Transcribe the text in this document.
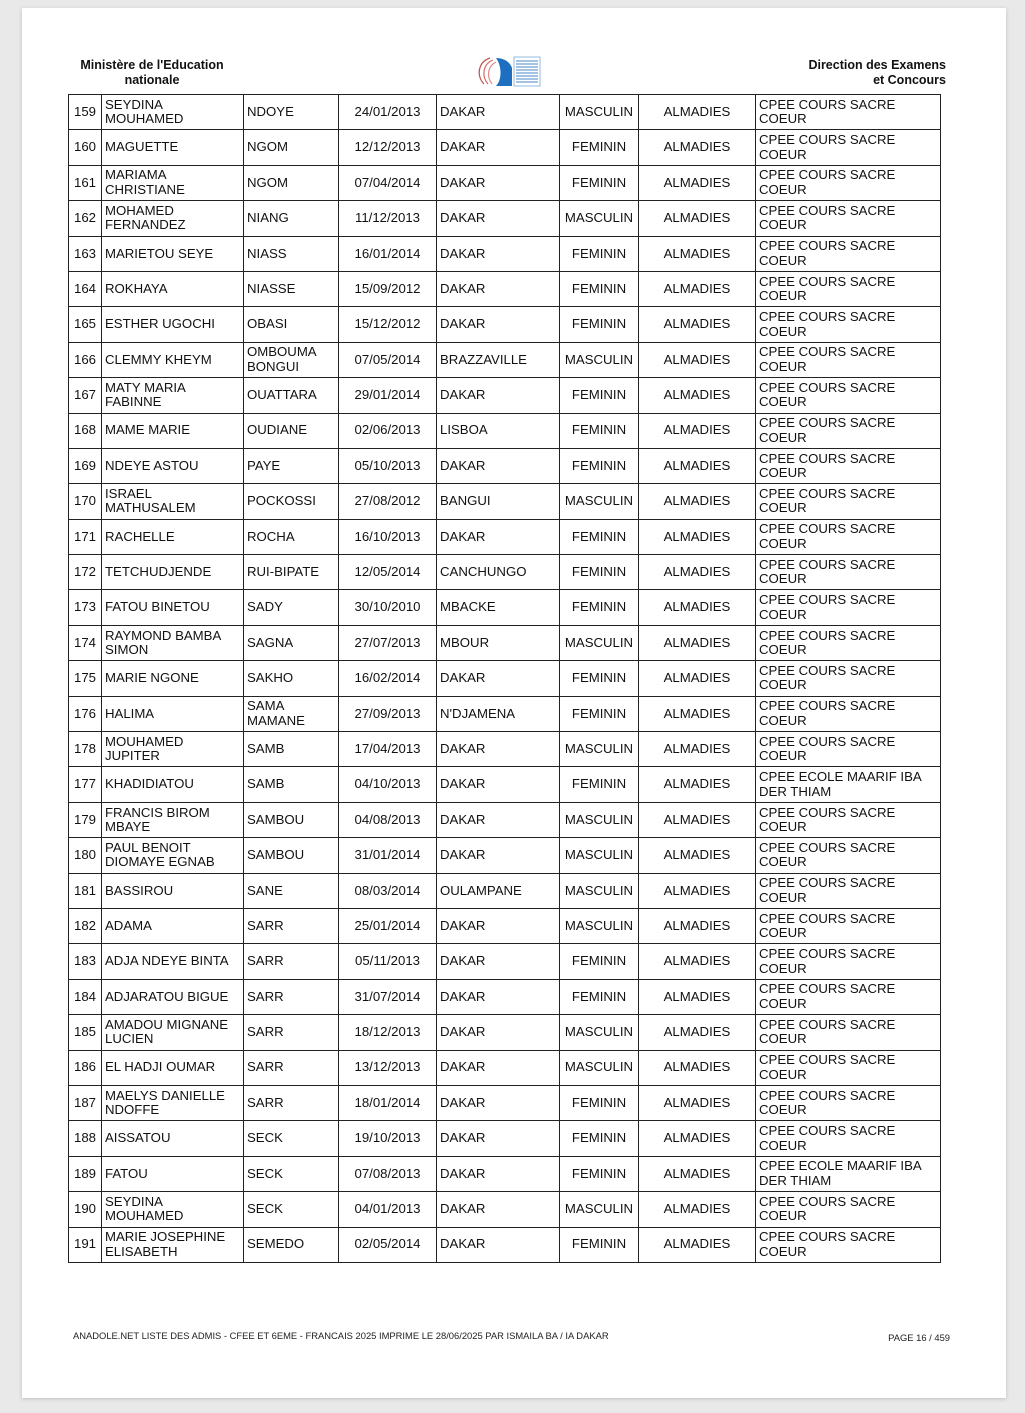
Ministère de l'Education
nationale
Direction des Examens
et Concours
159	SEYDINA MOUHAMED	NDOYE	24/01/2013	DAKAR	MASCULIN	ALMADIES	CPEE COURS SACRE COEUR
160	MAGUETTE	NGOM	12/12/2013	DAKAR	FEMININ	ALMADIES	CPEE COURS SACRE COEUR
161	MARIAMA CHRISTIANE	NGOM	07/04/2014	DAKAR	FEMININ	ALMADIES	CPEE COURS SACRE COEUR
162	MOHAMED FERNANDEZ	NIANG	11/12/2013	DAKAR	MASCULIN	ALMADIES	CPEE COURS SACRE COEUR
163	MARIETOU SEYE	NIASS	16/01/2014	DAKAR	FEMININ	ALMADIES	CPEE COURS SACRE COEUR
164	ROKHAYA	NIASSE	15/09/2012	DAKAR	FEMININ	ALMADIES	CPEE COURS SACRE COEUR
165	ESTHER UGOCHI	OBASI	15/12/2012	DAKAR	FEMININ	ALMADIES	CPEE COURS SACRE COEUR
166	CLEMMY KHEYM	OMBOUMA BONGUI	07/05/2014	BRAZZAVILLE	MASCULIN	ALMADIES	CPEE COURS SACRE COEUR
167	MATY MARIA FABINNE	OUATTARA	29/01/2014	DAKAR	FEMININ	ALMADIES	CPEE COURS SACRE COEUR
168	MAME MARIE	OUDIANE	02/06/2013	LISBOA	FEMININ	ALMADIES	CPEE COURS SACRE COEUR
169	NDEYE ASTOU	PAYE	05/10/2013	DAKAR	FEMININ	ALMADIES	CPEE COURS SACRE COEUR
170	ISRAEL MATHUSALEM	POCKOSSI	27/08/2012	BANGUI	MASCULIN	ALMADIES	CPEE COURS SACRE COEUR
171	RACHELLE	ROCHA	16/10/2013	DAKAR	FEMININ	ALMADIES	CPEE COURS SACRE COEUR
172	TETCHUDJENDE	RUI-BIPATE	12/05/2014	CANCHUNGO	FEMININ	ALMADIES	CPEE COURS SACRE COEUR
173	FATOU BINETOU	SADY	30/10/2010	MBACKE	FEMININ	ALMADIES	CPEE COURS SACRE COEUR
174	RAYMOND BAMBA SIMON	SAGNA	27/07/2013	MBOUR	MASCULIN	ALMADIES	CPEE COURS SACRE COEUR
175	MARIE NGONE	SAKHO	16/02/2014	DAKAR	FEMININ	ALMADIES	CPEE COURS SACRE COEUR
176	HALIMA	SAMA MAMANE	27/09/2013	N'DJAMENA	FEMININ	ALMADIES	CPEE COURS SACRE COEUR
178	MOUHAMED JUPITER	SAMB	17/04/2013	DAKAR	MASCULIN	ALMADIES	CPEE COURS SACRE COEUR
177	KHADIDIATOU	SAMB	04/10/2013	DAKAR	FEMININ	ALMADIES	CPEE ECOLE MAARIF IBA DER THIAM
179	FRANCIS BIROM MBAYE	SAMBOU	04/08/2013	DAKAR	MASCULIN	ALMADIES	CPEE COURS SACRE COEUR
180	PAUL BENOIT DIOMAYE EGNAB	SAMBOU	31/01/2014	DAKAR	MASCULIN	ALMADIES	CPEE COURS SACRE COEUR
181	BASSIROU	SANE	08/03/2014	OULAMPANE	MASCULIN	ALMADIES	CPEE COURS SACRE COEUR
182	ADAMA	SARR	25/01/2014	DAKAR	MASCULIN	ALMADIES	CPEE COURS SACRE COEUR
183	ADJA NDEYE BINTA	SARR	05/11/2013	DAKAR	FEMININ	ALMADIES	CPEE COURS SACRE COEUR
184	ADJARATOU BIGUE	SARR	31/07/2014	DAKAR	FEMININ	ALMADIES	CPEE COURS SACRE COEUR
185	AMADOU MIGNANE LUCIEN	SARR	18/12/2013	DAKAR	MASCULIN	ALMADIES	CPEE COURS SACRE COEUR
186	EL HADJI OUMAR	SARR	13/12/2013	DAKAR	MASCULIN	ALMADIES	CPEE COURS SACRE COEUR
187	MAELYS DANIELLE NDOFFE	SARR	18/01/2014	DAKAR	FEMININ	ALMADIES	CPEE COURS SACRE COEUR
188	AISSATOU	SECK	19/10/2013	DAKAR	FEMININ	ALMADIES	CPEE COURS SACRE COEUR
189	FATOU	SECK	07/08/2013	DAKAR	FEMININ	ALMADIES	CPEE ECOLE MAARIF IBA DER THIAM
190	SEYDINA MOUHAMED	SECK	04/01/2013	DAKAR	MASCULIN	ALMADIES	CPEE COURS SACRE COEUR
191	MARIE JOSEPHINE ELISABETH	SEMEDO	02/05/2014	DAKAR	FEMININ	ALMADIES	CPEE COURS SACRE COEUR
ANADOLE.NET LISTE DES ADMIS - CFEE ET 6EME - FRANCAIS 2025 IMPRIME LE 28/06/2025 PAR ISMAILA BA / IA DAKAR	PAGE 16 / 459
